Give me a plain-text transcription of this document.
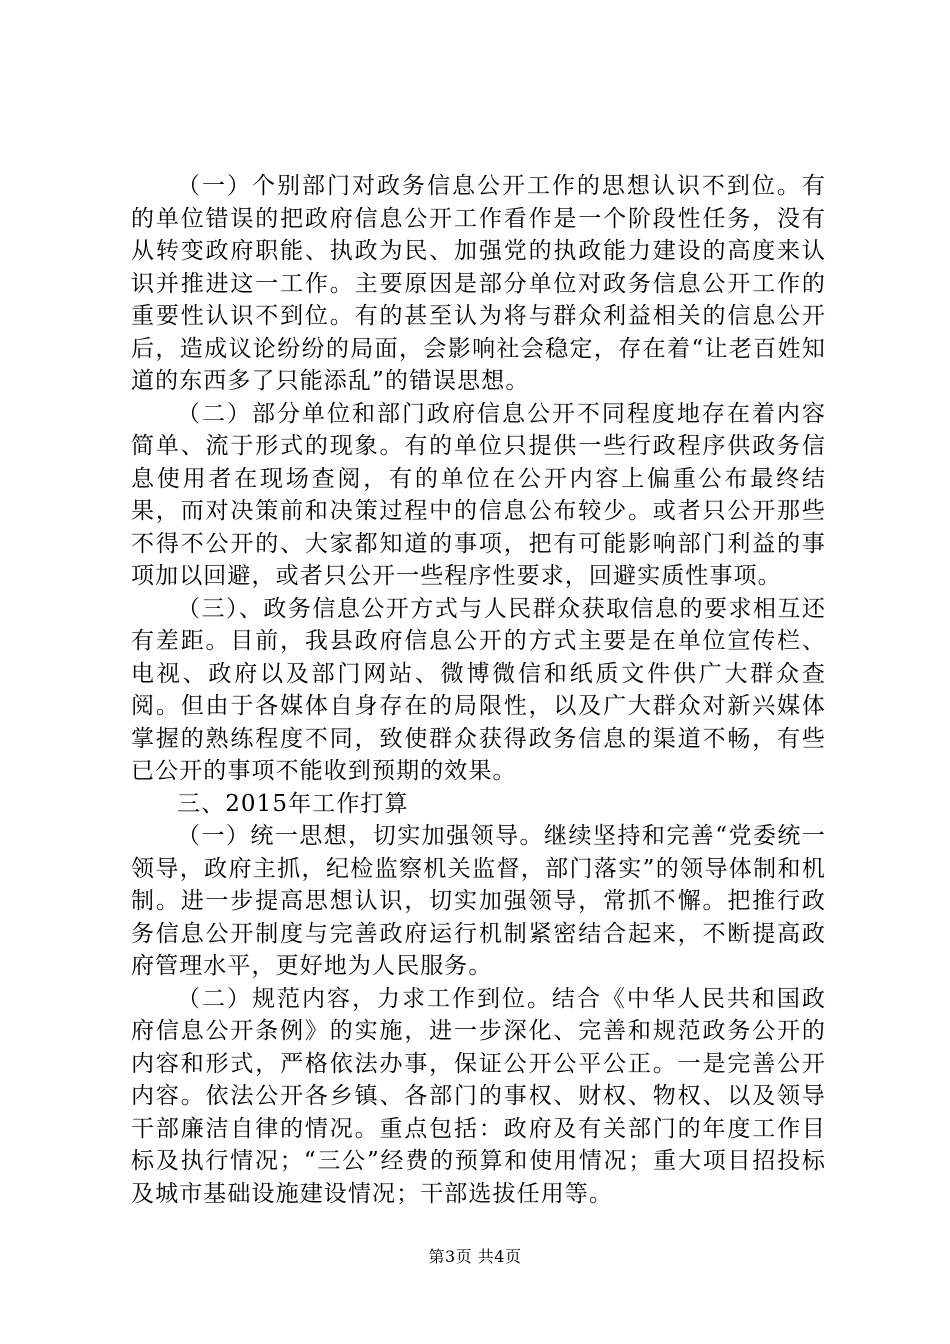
（一）个别部门对政务信息公开工作的思想认识不到位。有的单位错误的把政府信息公开工作看作是一个阶段性任务，没有从转变政府职能、执政为民、加强党的执政能力建设的高度来认识并推进这一工作。主要原因是部分单位对政务信息公开工作的重要性认识不到位。有的甚至认为将与群众利益相关的信息公开后，造成议论纷纷的局面，会影响社会稳定，存在着“让老百姓知道的东西多了只能添乱”的错误思想。

（二）部分单位和部门政府信息公开不同程度地存在着内容简单、流于形式的现象。有的单位只提供一些行政程序供政务信息使用者在现场查阅，有的单位在公开内容上偏重公布最终结果，而对决策前和决策过程中的信息公布较少。或者只公开那些不得不公开的、大家都知道的事项，把有可能影响部门利益的事项加以回避，或者只公开一些程序性要求，回避实质性事项。

（三）、政务信息公开方式与人民群众获取信息的要求相互还有差距。目前，我县政府信息公开的方式主要是在单位宣传栏、电视、政府以及部门网站、微博微信和纸质文件供广大群众查阅。但由于各媒体自身存在的局限性，以及广大群众对新兴媒体掌握的熟练程度不同，致使群众获得政务信息的渠道不畅，有些已公开的事项不能收到预期的效果。

三、2015年工作打算

（一）统一思想，切实加强领导。继续坚持和完善“党委统一领导，政府主抓，纪检监察机关监督，部门落实”的领导体制和机制。进一步提高思想认识，切实加强领导，常抓不懈。把推行政务信息公开制度与完善政府运行机制紧密结合起来，不断提高政府管理水平，更好地为人民服务。

（二）规范内容，力求工作到位。结合《中华人民共和国政府信息公开条例》的实施，进一步深化、完善和规范政务公开的内容和形式，严格依法办事，保证公开公平公正。一是完善公开内容。依法公开各乡镇、各部门的事权、财权、物权、以及领导干部廉洁自律的情况。重点包括：政府及有关部门的年度工作目标及执行情况；“三公”经费的预算和使用情况；重大项目招投标及城市基础设施建设情况；干部选拔任用等。

第3页 共4页
